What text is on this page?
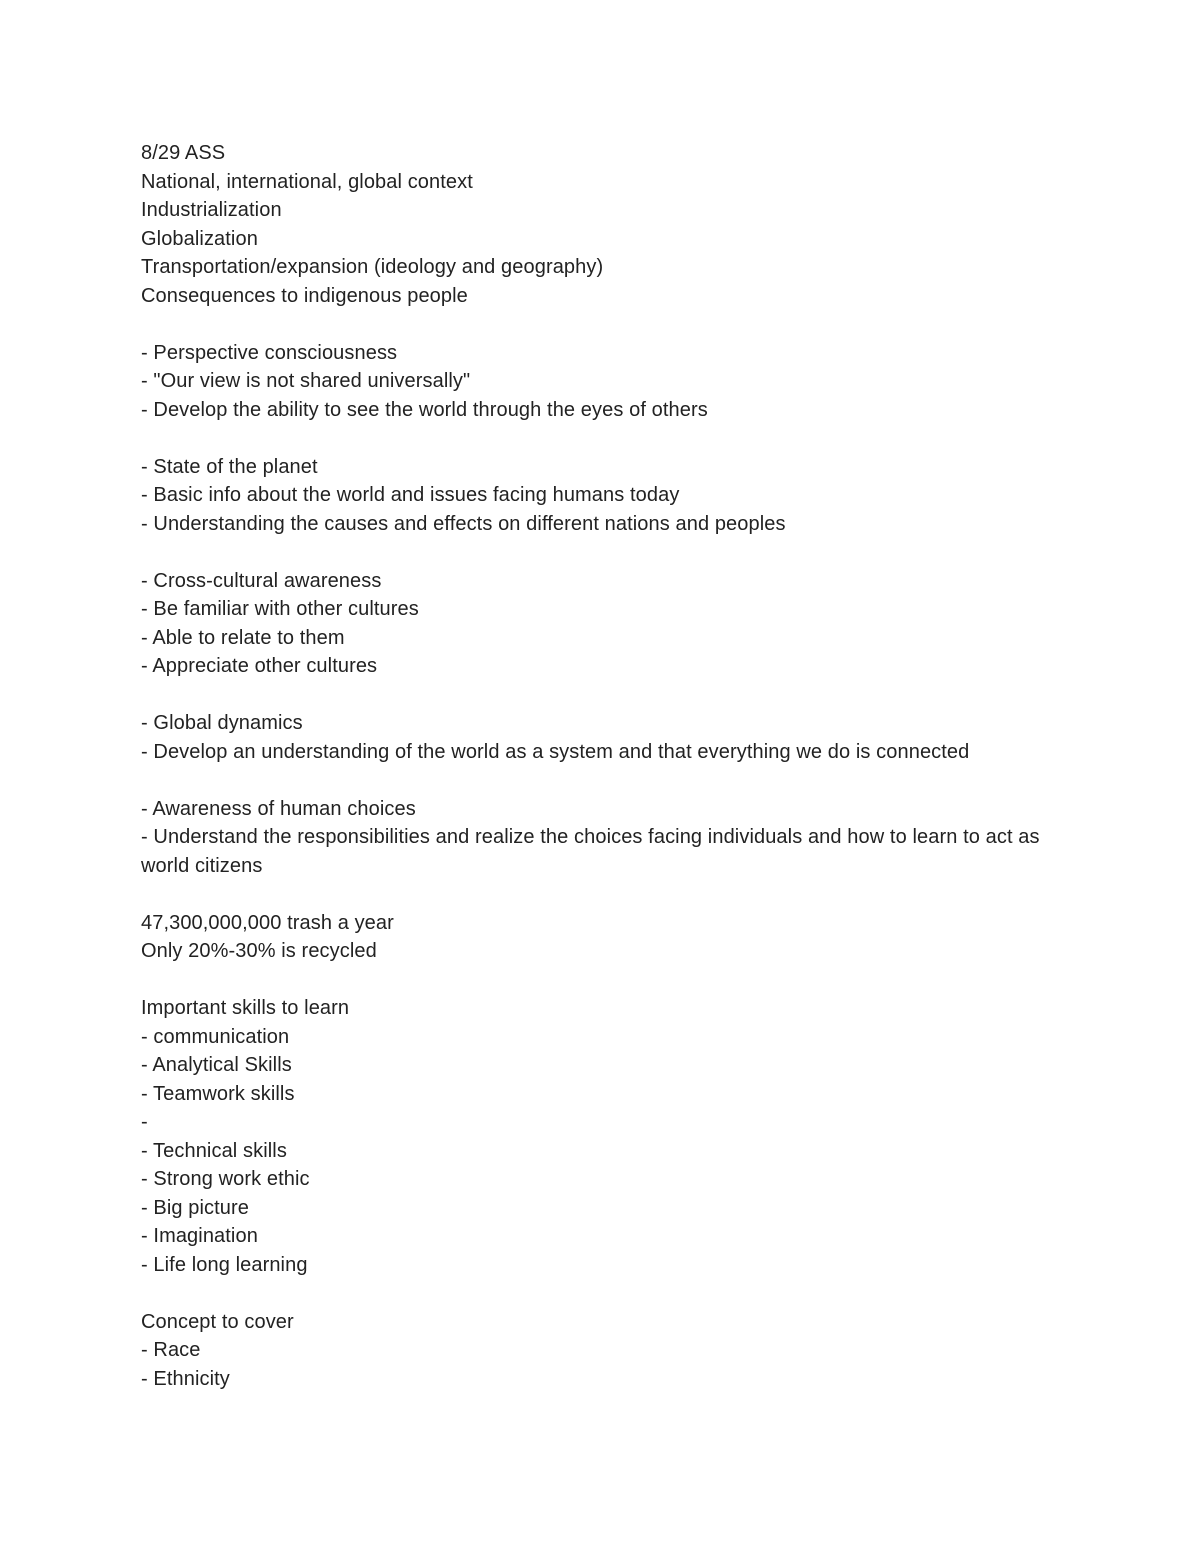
8/29 ASS
National, international, global context
Industrialization
Globalization
Transportation/expansion (ideology and geography)
Consequences to indigenous people
- Perspective consciousness
- "Our view is not shared universally"
- Develop the ability to see the world through the eyes of others
- State of the planet
- Basic info about the world and issues facing humans today
- Understanding the causes and effects on different nations and peoples
- Cross-cultural awareness
- Be familiar with other cultures
- Able to relate to them
- Appreciate other cultures
- Global dynamics
- Develop an understanding of the world as a system and that everything we do is connected
- Awareness of human choices
- Understand the responsibilities and realize the choices facing individuals and how to learn to act as world citizens
47,300,000,000 trash a year
Only 20%-30% is recycled
Important skills to learn
- communication
- Analytical Skills
- Teamwork skills
-
- Technical skills
- Strong work ethic
- Big picture
- Imagination
- Life long learning
Concept to cover
- Race
- Ethnicity
